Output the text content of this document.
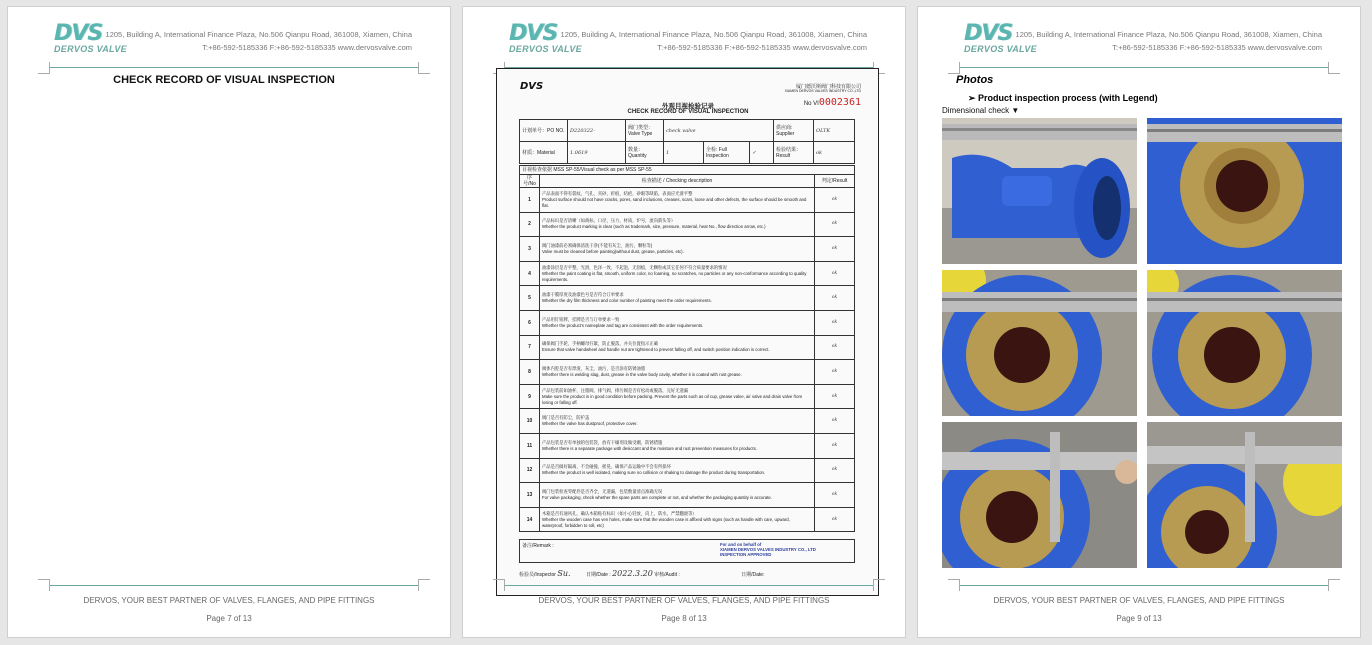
DVS
DERVOS VALVE
1205, Building A, International Finance Plaza, No.506 Qianpu Road, 361008, Xiamen, China
T:+86-592-5185336 F:+86-592-5185335 www.dervosvalve.com
CHECK RECORD OF VISUAL INSPECTION
DERVOS, YOUR BEST PARTNER OF VALVES, FLANGES, AND PIPE FITTINGS
Page 7 of 13
DVS
DERVOS VALVE
1205, Building A, International Finance Plaza, No.506 Qianpu Road, 361008, Xiamen, China
T:+86-592-5185336 F:+86-592-5185335 www.dervosvalve.com
DVS	厦门德沃斯阀门科技有限公司
XIAMEN DERVOS VALVES INDUSTRY CO.,LTD
外观目视检验记录
CHECK RECORD OF VISUAL INSPECTION
No VI0002361
计划单号：PO NO.	D220322-	阀门类型：Valve Type	check valve			供应商: Supplier	OLTK
材质：Material	1.0619	数量：Quantity	1	全检: Full Inspection	✓	检验结果：Result	ok
目视检查依据 MSS SP-55/Visual check as per MSS SP-55
序号/No	检查描述 / Checking description	判定/Result
1	产品表面不得有裂纹，气孔，夹砂，折痕，结疤，砂眼等缺陷，表面应光滑平整
Product surface should not have cracks, pores, sand inclusions, creases, scars, loose and other defects, the surface should be smooth and flat.	ok
2	产品标识是否清晰（如商标，口径，压力，材质，炉号，流向箭头等）
Whether the product marking is clear (such as trademark, size, pressure, material, heat No., flow direction arrow, etc.)	ok
3	阀门油漆前必须确保清洗干净(不能有灰尘，油污，颗粒等)
Valve must be cleaned before painting(without dust, grease, particles, etc).	ok
4	油漆涂层是否平整，光滑，色泽一致，不起泡，无刮痕，无颗粒或其它任何不符合质量要求的情况
Whether the paint coating is flat, smooth, uniform color, no foaming, no scratches, no particles or any non-conformance according to quality requirements.	ok
5	油漆干膜厚度及油漆色号是否符合订单要求
Whether the dry film thickness and color number of painting meet the order requirements.	ok
6	产品用钉铭牌，挂牌是否与订单要求一致
Whether the product's nameplate and tag are consistent with the order requirements.	ok
7	确保阀门手轮，手柄螺母拧紧，防止脱落，并关位置指示正确
Ensure that valve handwheel and handle nut are tightened to prevent falling off, and switch position indication is correct.	ok
8	阀体内腔是否有焊渣，灰尘，油污，是否涂有防锈油脂
Whether there is welding slag, dust, grease in the valve body cavity, whether it is coated with rust grease.	ok
9	产品包装前如油杯，注脂阀，排气阀，排污阀是否有松动或脱落，完好无遗漏
Make sure the product is in good condition before packing. Prevent the parts such as oil cup, grease valve, air valve and drain valve from losing or falling off.	ok
10	阀门是否有防尘，防护盖
Whether the valve has dustproof, protective cover.	ok
11	产品包装是否有单独的包装袋，放有干燥剂及做受潮，防锈措施
Whether there is a separate package with desiccant and the moisture and rust prevention measures for products.	ok
12	产品是否做好隔离，不会碰撞，摇晃，确保产品运输中不会有所损坏
Whether the product is well isolated, making sure no collision or shaking to damage the product during transportation.	ok
13	阀门包装检查零配件是否齐全，无遗漏，包装数量清点准确无误
For valve packaging, check whether the spare parts are complete or not, and whether the packaging quantity is accurate.	ok
14	木箱是否有通风孔，确认木箱贴有标识（如小心轻放，向上，防水，严禁翻滚等）
Whether the wooden case has ven holes, make sure that the wooden case is affixed with signs (such as handle with care, upward, waterproof, forbidden to roll, etc)	ok
备注/Remark :	For and on behalf of
XIAMEN DERVOS VALVES INDUSTRY CO., LTD
INSPECTION APPROVED
检验员/Inspector Su.	日期/Date : 2022.3.20 审核/Audit :	日期/Date:
DERVOS, YOUR BEST PARTNER OF VALVES, FLANGES, AND PIPE FITTINGS
Page 8 of 13
DVS
DERVOS VALVE
1205, Building A, International Finance Plaza, No.506 Qianpu Road, 361008, Xiamen, China
T:+86-592-5185336 F:+86-592-5185335 www.dervosvalve.com
Photos
➢ Product inspection process (with Legend)
Dimensional check ▼
DERVOS, YOUR BEST PARTNER OF VALVES, FLANGES, AND PIPE FITTINGS
Page 9 of 13
